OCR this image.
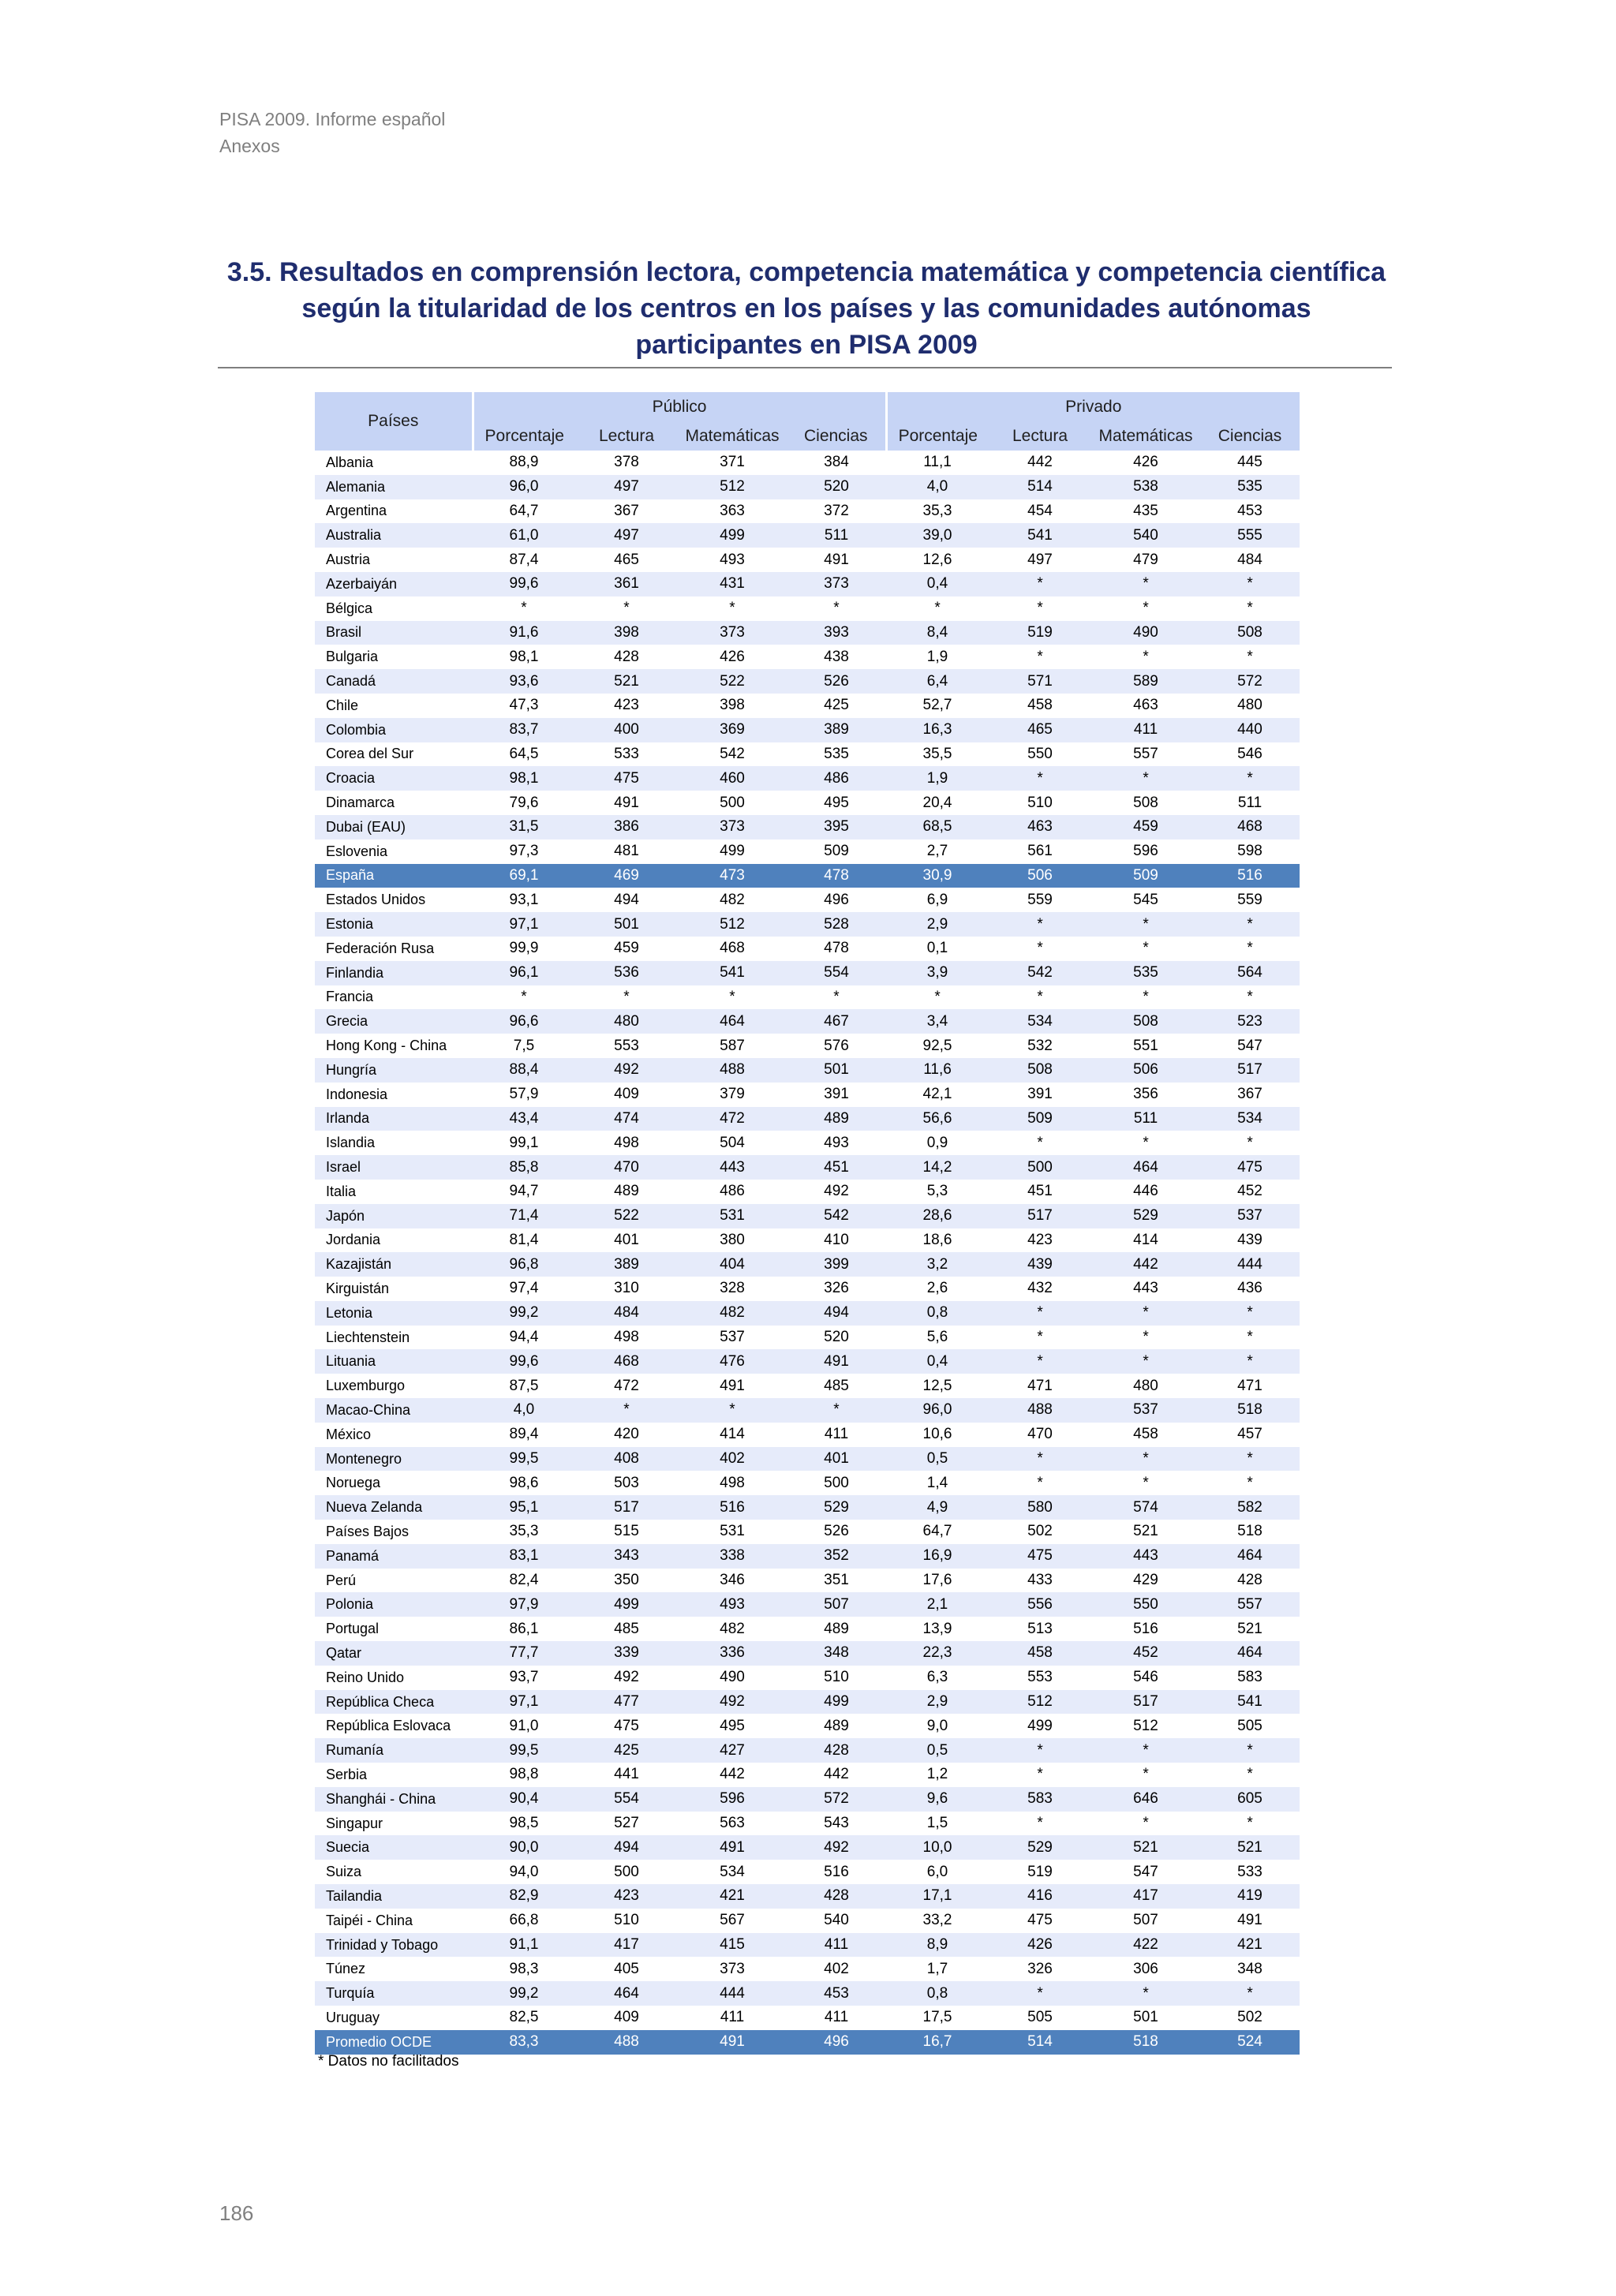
PISA 2009. Informe español
Anexos
3.5. Resultados en comprensión lectora, competencia matemática y competencia científica
según la titularidad de los centros en los países y las comunidades autónomas
participantes en PISA 2009
Países	Público				Privado			
	Porcentaje	Lectura	Matemáticas	Ciencias	Porcentaje	Lectura	Matemáticas	Ciencias
Albania	88,9	378	371	384	11,1	442	426	445
Alemania	96,0	497	512	520	4,0	514	538	535
Argentina	64,7	367	363	372	35,3	454	435	453
Australia	61,0	497	499	511	39,0	541	540	555
Austria	87,4	465	493	491	12,6	497	479	484
Azerbaiyán	99,6	361	431	373	0,4	*	*	*
Bélgica	*	*	*	*	*	*	*	*
Brasil	91,6	398	373	393	8,4	519	490	508
Bulgaria	98,1	428	426	438	1,9	*	*	*
Canadá	93,6	521	522	526	6,4	571	589	572
Chile	47,3	423	398	425	52,7	458	463	480
Colombia	83,7	400	369	389	16,3	465	411	440
Corea del Sur	64,5	533	542	535	35,5	550	557	546
Croacia	98,1	475	460	486	1,9	*	*	*
Dinamarca	79,6	491	500	495	20,4	510	508	511
Dubai (EAU)	31,5	386	373	395	68,5	463	459	468
Eslovenia	97,3	481	499	509	2,7	561	596	598
España	69,1	469	473	478	30,9	506	509	516
Estados Unidos	93,1	494	482	496	6,9	559	545	559
Estonia	97,1	501	512	528	2,9	*	*	*
Federación Rusa	99,9	459	468	478	0,1	*	*	*
Finlandia	96,1	536	541	554	3,9	542	535	564
Francia	*	*	*	*	*	*	*	*
Grecia	96,6	480	464	467	3,4	534	508	523
Hong Kong - China	7,5	553	587	576	92,5	532	551	547
Hungría	88,4	492	488	501	11,6	508	506	517
Indonesia	57,9	409	379	391	42,1	391	356	367
Irlanda	43,4	474	472	489	56,6	509	511	534
Islandia	99,1	498	504	493	0,9	*	*	*
Israel	85,8	470	443	451	14,2	500	464	475
Italia	94,7	489	486	492	5,3	451	446	452
Japón	71,4	522	531	542	28,6	517	529	537
Jordania	81,4	401	380	410	18,6	423	414	439
Kazajistán	96,8	389	404	399	3,2	439	442	444
Kirguistán	97,4	310	328	326	2,6	432	443	436
Letonia	99,2	484	482	494	0,8	*	*	*
Liechtenstein	94,4	498	537	520	5,6	*	*	*
Lituania	99,6	468	476	491	0,4	*	*	*
Luxemburgo	87,5	472	491	485	12,5	471	480	471
Macao-China	4,0	*	*	*	96,0	488	537	518
México	89,4	420	414	411	10,6	470	458	457
Montenegro	99,5	408	402	401	0,5	*	*	*
Noruega	98,6	503	498	500	1,4	*	*	*
Nueva Zelanda	95,1	517	516	529	4,9	580	574	582
Países Bajos	35,3	515	531	526	64,7	502	521	518
Panamá	83,1	343	338	352	16,9	475	443	464
Perú	82,4	350	346	351	17,6	433	429	428
Polonia	97,9	499	493	507	2,1	556	550	557
Portugal	86,1	485	482	489	13,9	513	516	521
Qatar	77,7	339	336	348	22,3	458	452	464
Reino Unido	93,7	492	490	510	6,3	553	546	583
República Checa	97,1	477	492	499	2,9	512	517	541
República Eslovaca	91,0	475	495	489	9,0	499	512	505
Rumanía	99,5	425	427	428	0,5	*	*	*
Serbia	98,8	441	442	442	1,2	*	*	*
Shanghái - China	90,4	554	596	572	9,6	583	646	605
Singapur	98,5	527	563	543	1,5	*	*	*
Suecia	90,0	494	491	492	10,0	529	521	521
Suiza	94,0	500	534	516	6,0	519	547	533
Tailandia	82,9	423	421	428	17,1	416	417	419
Taipéi - China	66,8	510	567	540	33,2	475	507	491
Trinidad y Tobago	91,1	417	415	411	8,9	426	422	421
Túnez	98,3	405	373	402	1,7	326	306	348
Turquía	99,2	464	444	453	0,8	*	*	*
Uruguay	82,5	409	411	411	17,5	505	501	502
Promedio OCDE	83,3	488	491	496	16,7	514	518	524
* Datos no facilitados
186
